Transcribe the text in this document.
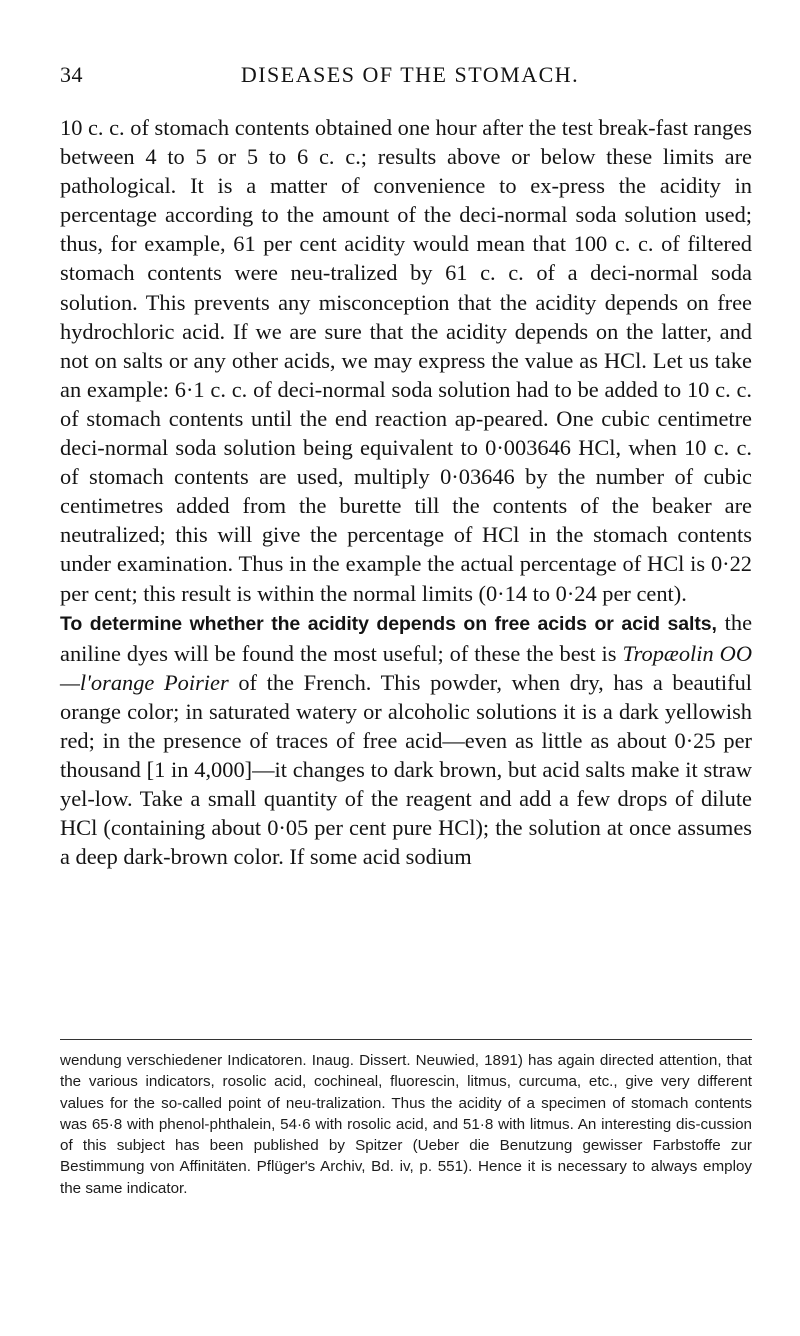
34	DISEASES OF THE STOMACH.

10 c. c. of stomach contents obtained one hour after the test break-fast ranges between 4 to 5 or 5 to 6 c. c.; results above or below these limits are pathological. It is a matter of convenience to ex-press the acidity in percentage according to the amount of the deci-normal soda solution used; thus, for example, 61 per cent acidity would mean that 100 c. c. of filtered stomach contents were neu-tralized by 61 c. c. of a deci-normal soda solution. This prevents any misconception that the acidity depends on free hydrochloric acid. If we are sure that the acidity depends on the latter, and not on salts or any other acids, we may express the value as HCl. Let us take an example: 6·1 c. c. of deci-normal soda solution had to be added to 10 c. c. of stomach contents until the end reaction ap-peared. One cubic centimetre deci-normal soda solution being equivalent to 0·003646 HCl, when 10 c. c. of stomach contents are used, multiply 0·03646 by the number of cubic centimetres added from the burette till the contents of the beaker are neutralized; this will give the percentage of HCl in the stomach contents under examination. Thus in the example the actual percentage of HCl is 0·22 per cent; this result is within the normal limits (0·14 to 0·24 per cent).

To determine whether the acidity depends on free acids or acid salts, the aniline dyes will be found the most useful; of these the best is Tropæolin OO—l'orange Poirier of the French. This powder, when dry, has a beautiful orange color; in saturated watery or alcoholic solutions it is a dark yellowish red; in the presence of traces of free acid—even as little as about 0·25 per thousand [1 in 4,000]—it changes to dark brown, but acid salts make it straw yel-low. Take a small quantity of the reagent and add a few drops of dilute HCl (containing about 0·05 per cent pure HCl); the solution at once assumes a deep dark-brown color. If some acid sodium

wendung verschiedener Indicatoren. Inaug. Dissert. Neuwied, 1891) has again directed attention, that the various indicators, rosolic acid, cochineal, fluorescin, litmus, curcuma, etc., give very different values for the so-called point of neu-tralization. Thus the acidity of a specimen of stomach contents was 65·8 with phenol-phthalein, 54·6 with rosolic acid, and 51·8 with litmus. An interesting dis-cussion of this subject has been published by Spitzer (Ueber die Benutzung gewisser Farbstoffe zur Bestimmung von Affinitäten. Pflüger's Archiv, Bd. iv, p. 551). Hence it is necessary to always employ the same indicator.
